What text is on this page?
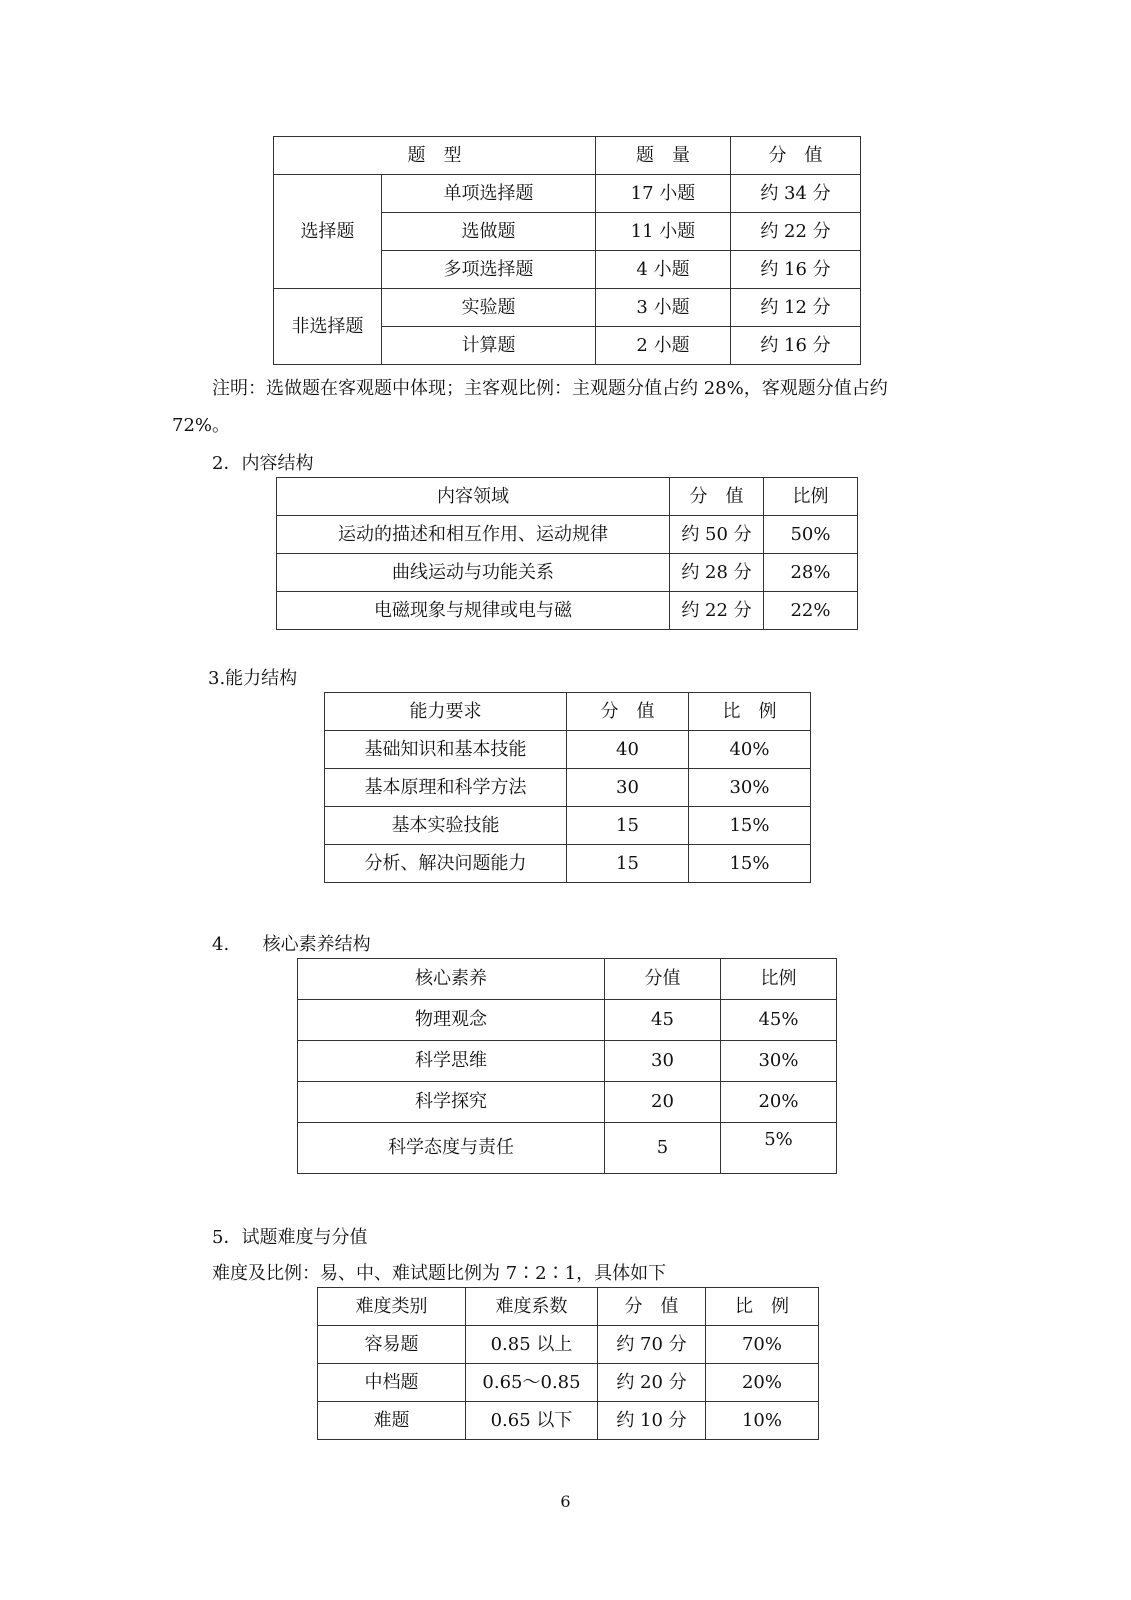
题　型		题　量	分　值
选择题	单项选择题	17 小题	约 34 分
	选做题	11 小题	约 22 分
	多项选择题	4 小题	约 16 分
非选择题	实验题	3 小题	约 12 分
	计算题	2 小题	约 16 分
注明：选做题在客观题中体现；主客观比例：主观题分值占约 28%，客观题分值占约
72%。
2．内容结构
内容领域	分　值	比例
运动的描述和相互作用、运动规律	约 50 分	50%
曲线运动与功能关系	约 28 分	28%
电磁现象与规律或电与磁	约 22 分	22%
3.能力结构
能力要求	分　值	比　例
基础知识和基本技能	40	40%
基本原理和科学方法	30	30%
基本实验技能	15	15%
分析、解决问题能力	15	15%
4. 核心素养结构
核心素养	分值	比例
物理观念	45	45%
科学思维	30	30%
科学探究	20	20%
科学态度与责任	5	5%
5．试题难度与分值
难度及比例：易、中、难试题比例为 7∶2∶1，具体如下
难度类别	难度系数	分　值	比　例
容易题	0.85 以上	约 70 分	70%
中档题	0.65～0.85	约 20 分	20%
难题	0.65 以下	约 10 分	10%
6
